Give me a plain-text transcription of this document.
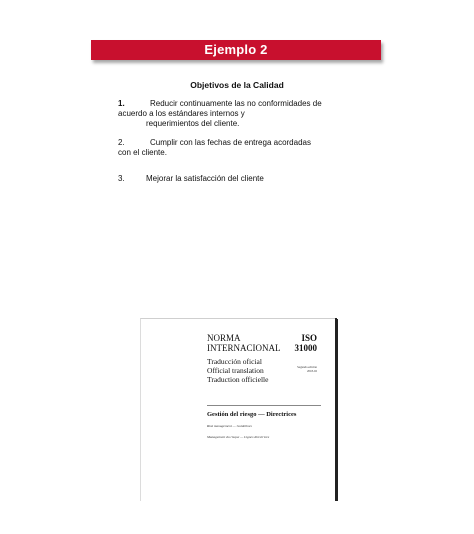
Ejemplo 2
Objetivos de la Calidad
1.	Reducir continuamente las no conformidades de
acuerdo a los estándares internos y
requerimientos del cliente.
2.	Cumplir con las fechas de entrega acordadas
con el cliente.
3.	Mejorar la satisfacción del cliente
NORMA
INTERNACIONAL
ISO
31000
Traducción oficial
Official translation
Traduction officielle
Segunda edición
2018-02
Gestión del riesgo — Directrices
Risk management — Guidelines
Management du risque — Lignes directrices
